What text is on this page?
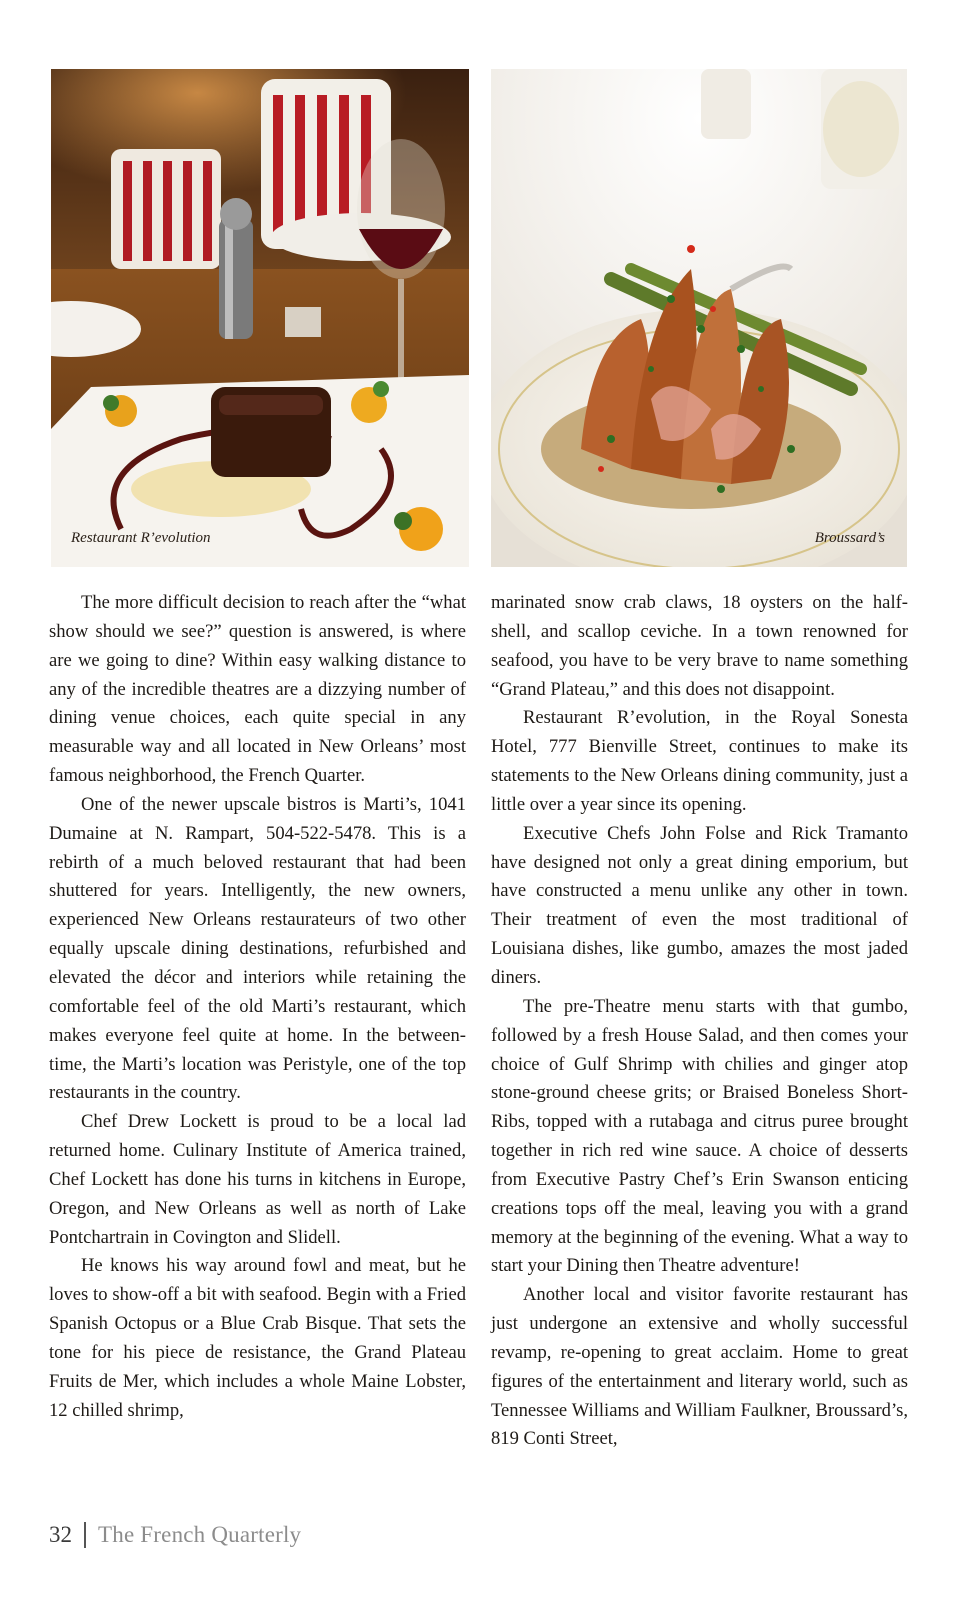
Restaurant R’evolution	Broussard’s

The more difficult decision to reach after the “what show should we see?” question is answered, is where are we going to dine? Within easy walking distance to any of the incredible theatres are a dizzying number of dining venue choices, each quite special in any measurable way and all located in New Orleans’ most famous neighborhood, the French Quarter.

One of the newer upscale bistros is Marti’s, 1041 Dumaine at N. Rampart, 504-522-5478. This is a rebirth of a much beloved restaurant that had been shuttered for years. Intelligently, the new owners, experienced New Orleans restaurateurs of two other equally upscale dining destinations, refurbished and elevated the décor and interiors while retaining the comfortable feel of the old Marti’s restaurant, which makes everyone feel quite at home. In the between-time, the Marti’s location was Peristyle, one of the top restaurants in the country.

Chef Drew Lockett is proud to be a local lad returned home. Culinary Institute of America trained, Chef Lockett has done his turns in kitchens in Europe, Oregon, and New Orleans as well as north of Lake Pontchartrain in Covington and Slidell.

He knows his way around fowl and meat, but he loves to show-off a bit with seafood. Begin with a Fried Spanish Octopus or a Blue Crab Bisque. That sets the tone for his piece de resistance, the Grand Plateau Fruits de Mer, which includes a whole Maine Lobster, 12 chilled shrimp,

marinated snow crab claws, 18 oysters on the half-shell, and scallop ceviche. In a town renowned for seafood, you have to be very brave to name something “Grand Plateau,” and this does not disappoint.

Restaurant R’evolution, in the Royal Sonesta Hotel, 777 Bienville Street, continues to make its statements to the New Orleans dining community, just a little over a year since its opening.

Executive Chefs John Folse and Rick Tramanto have designed not only a great dining emporium, but have constructed a menu unlike any other in town. Their treatment of even the most traditional of Louisiana dishes, like gumbo, amazes the most jaded diners.

The pre-Theatre menu starts with that gumbo, followed by a fresh House Salad, and then comes your choice of Gulf Shrimp with chilies and ginger atop stone-ground cheese grits; or Braised Boneless Short-Ribs, topped with a rutabaga and citrus puree brought together in rich red wine sauce. A choice of desserts from Executive Pastry Chef’s Erin Swanson enticing creations tops off the meal, leaving you with a grand memory at the beginning of the evening. What a way to start your Dining then Theatre adventure!

Another local and visitor favorite restaurant has just undergone an extensive and wholly successful revamp, re-opening to great acclaim. Home to great figures of the entertainment and literary world, such as Tennessee Williams and William Faulkner, Broussard’s, 819 Conti Street,

32 The French Quarterly
